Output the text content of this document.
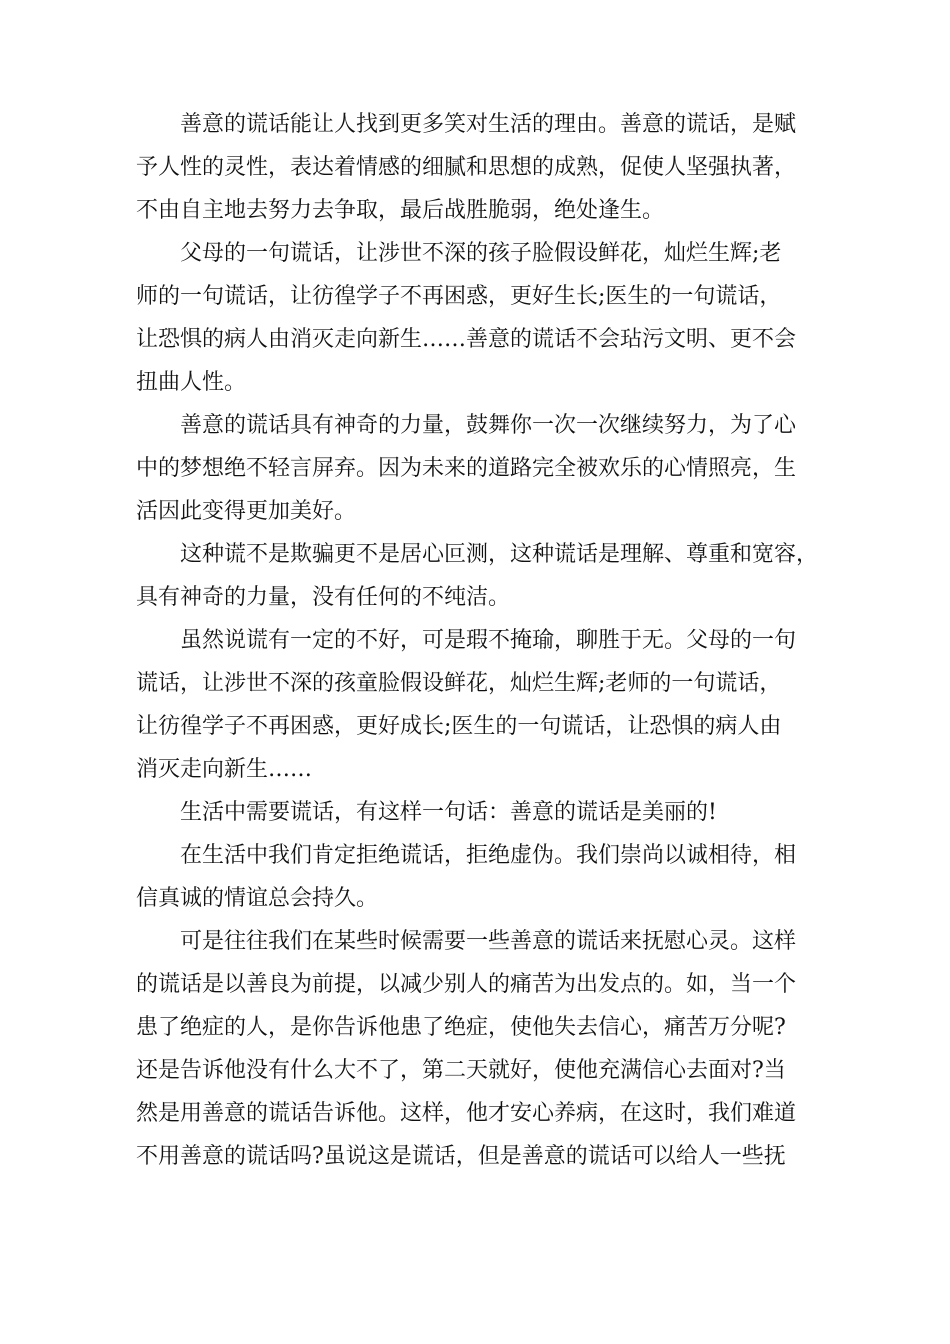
善意的谎话能让人找到更多笑对生活的理由。善意的谎话，是赋
予人性的灵性，表达着情感的细腻和思想的成熟，促使人坚强执著，
不由自主地去努力去争取，最后战胜脆弱，绝处逢生。
父母的一句谎话，让涉世不深的孩子脸假设鲜花，灿烂生辉;老
师的一句谎话，让彷徨学子不再困惑，更好生长;医生的一句谎话，
让恐惧的病人由消灭走向新生……善意的谎话不会玷污文明、更不会
扭曲人性。
善意的谎话具有神奇的力量，鼓舞你一次一次继续努力，为了心
中的梦想绝不轻言屏弃。因为未来的道路完全被欢乐的心情照亮，生
活因此变得更加美好。
这种谎不是欺骗更不是居心叵测，这种谎话是理解、尊重和宽容，
具有神奇的力量，没有任何的不纯洁。
虽然说谎有一定的不好，可是瑕不掩瑜，聊胜于无。父母的一句
谎话，让涉世不深的孩童脸假设鲜花，灿烂生辉;老师的一句谎话，
让彷徨学子不再困惑，更好成长;医生的一句谎话，让恐惧的病人由
消灭走向新生……
生活中需要谎话，有这样一句话：善意的谎话是美丽的!
在生活中我们肯定拒绝谎话，拒绝虚伪。我们崇尚以诚相待，相
信真诚的情谊总会持久。
可是往往我们在某些时候需要一些善意的谎话来抚慰心灵。这样
的谎话是以善良为前提，以减少别人的痛苦为出发点的。如，当一个
患了绝症的人，是你告诉他患了绝症，使他失去信心，痛苦万分呢?
还是告诉他没有什么大不了，第二天就好，使他充满信心去面对?当
然是用善意的谎话告诉他。这样，他才安心养病，在这时，我们难道
不用善意的谎话吗?虽说这是谎话，但是善意的谎话可以给人一些抚
